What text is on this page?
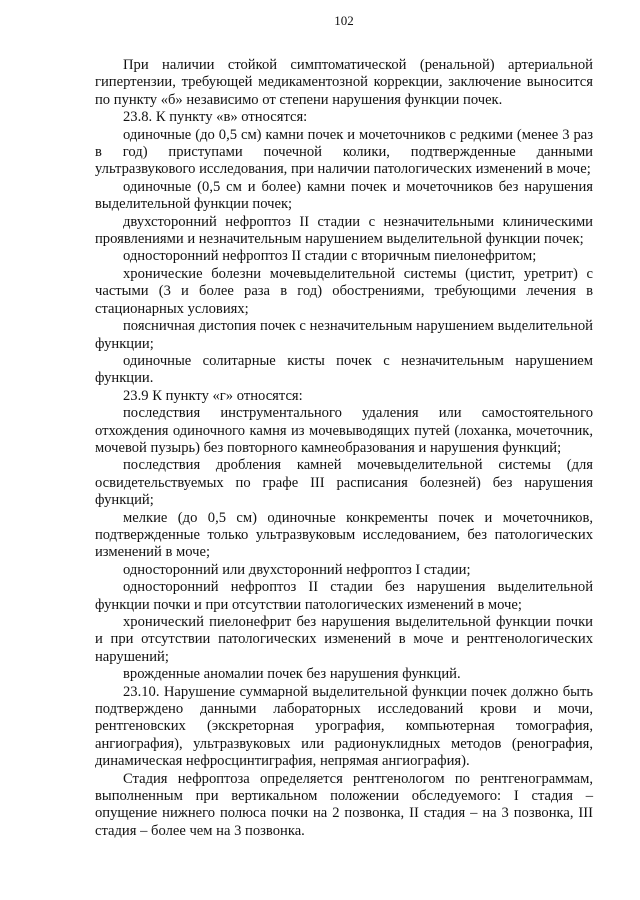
102

При наличии стойкой симптоматической (ренальной) артериальной гипертензии, требующей медикаментозной коррекции, заключение выносится по пункту «б» независимо от степени нарушения функции почек.

23.8. К пункту «в» относятся:

одиночные (до 0,5 см) камни почек и мочеточников с редкими (менее 3 раз в год) приступами почечной колики, подтвержденные данными ультразвукового исследования, при наличии патологических изменений в моче;

одиночные (0,5 см и более) камни почек и мочеточников без нарушения выделительной функции почек;

двухсторонний нефроптоз II стадии с незначительными клиническими проявлениями и незначительным нарушением выделительной функции почек;

односторонний нефроптоз II стадии с вторичным пиелонефритом;

хронические болезни мочевыделительной системы (цистит, уретрит) с частыми (3 и более раза в год) обострениями, требующими лечения в стационарных условиях;

поясничная дистопия почек с незначительным нарушением выделительной функции;

одиночные солитарные кисты почек с незначительным нарушением функции.

23.9 К пункту «г» относятся:

последствия инструментального удаления или самостоятельного отхождения одиночного камня из мочевыводящих путей (лоханка, мочеточник, мочевой пузырь) без повторного камнеобразования и нарушения функций;

последствия дробления камней мочевыделительной системы (для освидетельствуемых по графе III расписания болезней) без нарушения функций;

мелкие (до 0,5 см) одиночные конкременты почек и мочеточников, подтвержденные только ультразвуковым исследованием, без патологических изменений в моче;

односторонний или двухсторонний нефроптоз I стадии;

односторонний нефроптоз II стадии без нарушения выделительной функции почки и при отсутствии патологических изменений в моче;

хронический пиелонефрит без нарушения выделительной функции почки и при отсутствии патологических изменений в моче и рентгенологических нарушений;

врожденные аномалии почек без нарушения функций.

23.10. Нарушение суммарной выделительной функции почек должно быть подтверждено данными лабораторных исследований крови и мочи, рентгеновских (экскреторная урография, компьютерная томография, ангиография), ультразвуковых или радионуклидных методов (ренография, динамическая нефросцинтиграфия, непрямая ангиография).

Стадия нефроптоза определяется рентгенологом по рентгенограммам, выполненным при вертикальном положении обследуемого: I стадия – опущение нижнего полюса почки на 2 позвонка, II стадия – на 3 позвонка, III стадия – более чем на 3 позвонка.
